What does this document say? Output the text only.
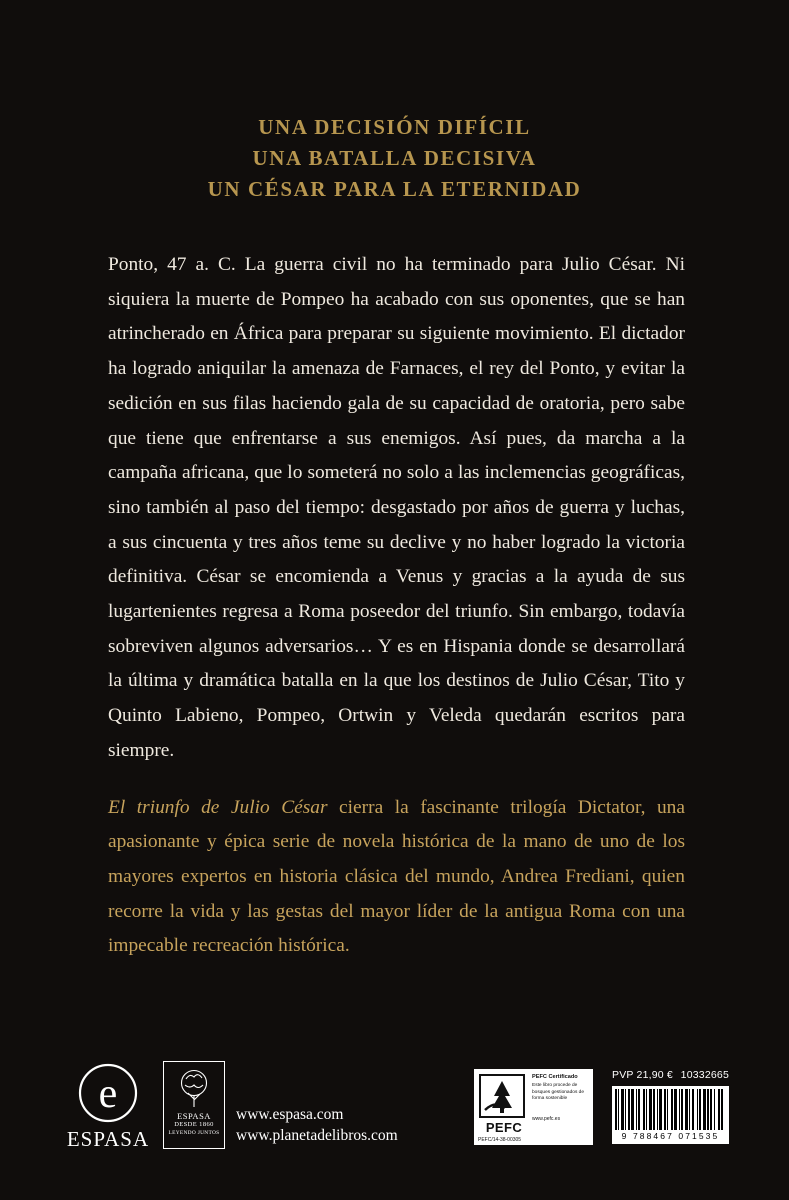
UNA DECISIÓN DIFÍCIL
UNA BATALLA DECISIVA
UN CÉSAR PARA LA ETERNIDAD

Ponto, 47 a. C. La guerra civil no ha terminado para Julio César. Ni siquiera la muerte de Pompeo ha acabado con sus oponentes, que se han atrincherado en África para preparar su siguiente movimiento. El dictador ha logrado aniquilar la amenaza de Farnaces, el rey del Ponto, y evitar la sedición en sus filas haciendo gala de su capacidad de oratoria, pero sabe que tiene que enfrentarse a sus enemigos. Así pues, da marcha a la campaña africana, que lo someterá no solo a las inclemencias geográficas, sino también al paso del tiempo: desgastado por años de guerra y luchas, a sus cincuenta y tres años teme su declive y no haber logrado la victoria definitiva. César se encomienda a Venus y gracias a la ayuda de sus lugartenientes regresa a Roma poseedor del triunfo. Sin embargo, todavía sobreviven algunos adversarios… Y es en Hispania donde se desarrollará la última y dramática batalla en la que los destinos de Julio César, Tito y Quinto Labieno, Pompeo, Ortwin y Veleda quedarán escritos para siempre.

El triunfo de Julio César cierra la fascinante trilogía Dictator, una apasionante y épica serie de novela histórica de la mano de uno de los mayores expertos en historia clásica del mundo, Andrea Frediani, quien recorre la vida y las gestas del mayor líder de la antigua Roma con una impecable recreación histórica.

e
ESPASA
ESPASA
DESDE 1860
LEYENDO JUNTOS
www.espasa.com
www.planetadelibros.com	PEFC
PEFC Certificado
Este libro procede de bosques gestionados de forma sostenible
www.pefc.es
PEFC/14-38-00305
PVP 21,90 € 10332665
9 788467 071535
